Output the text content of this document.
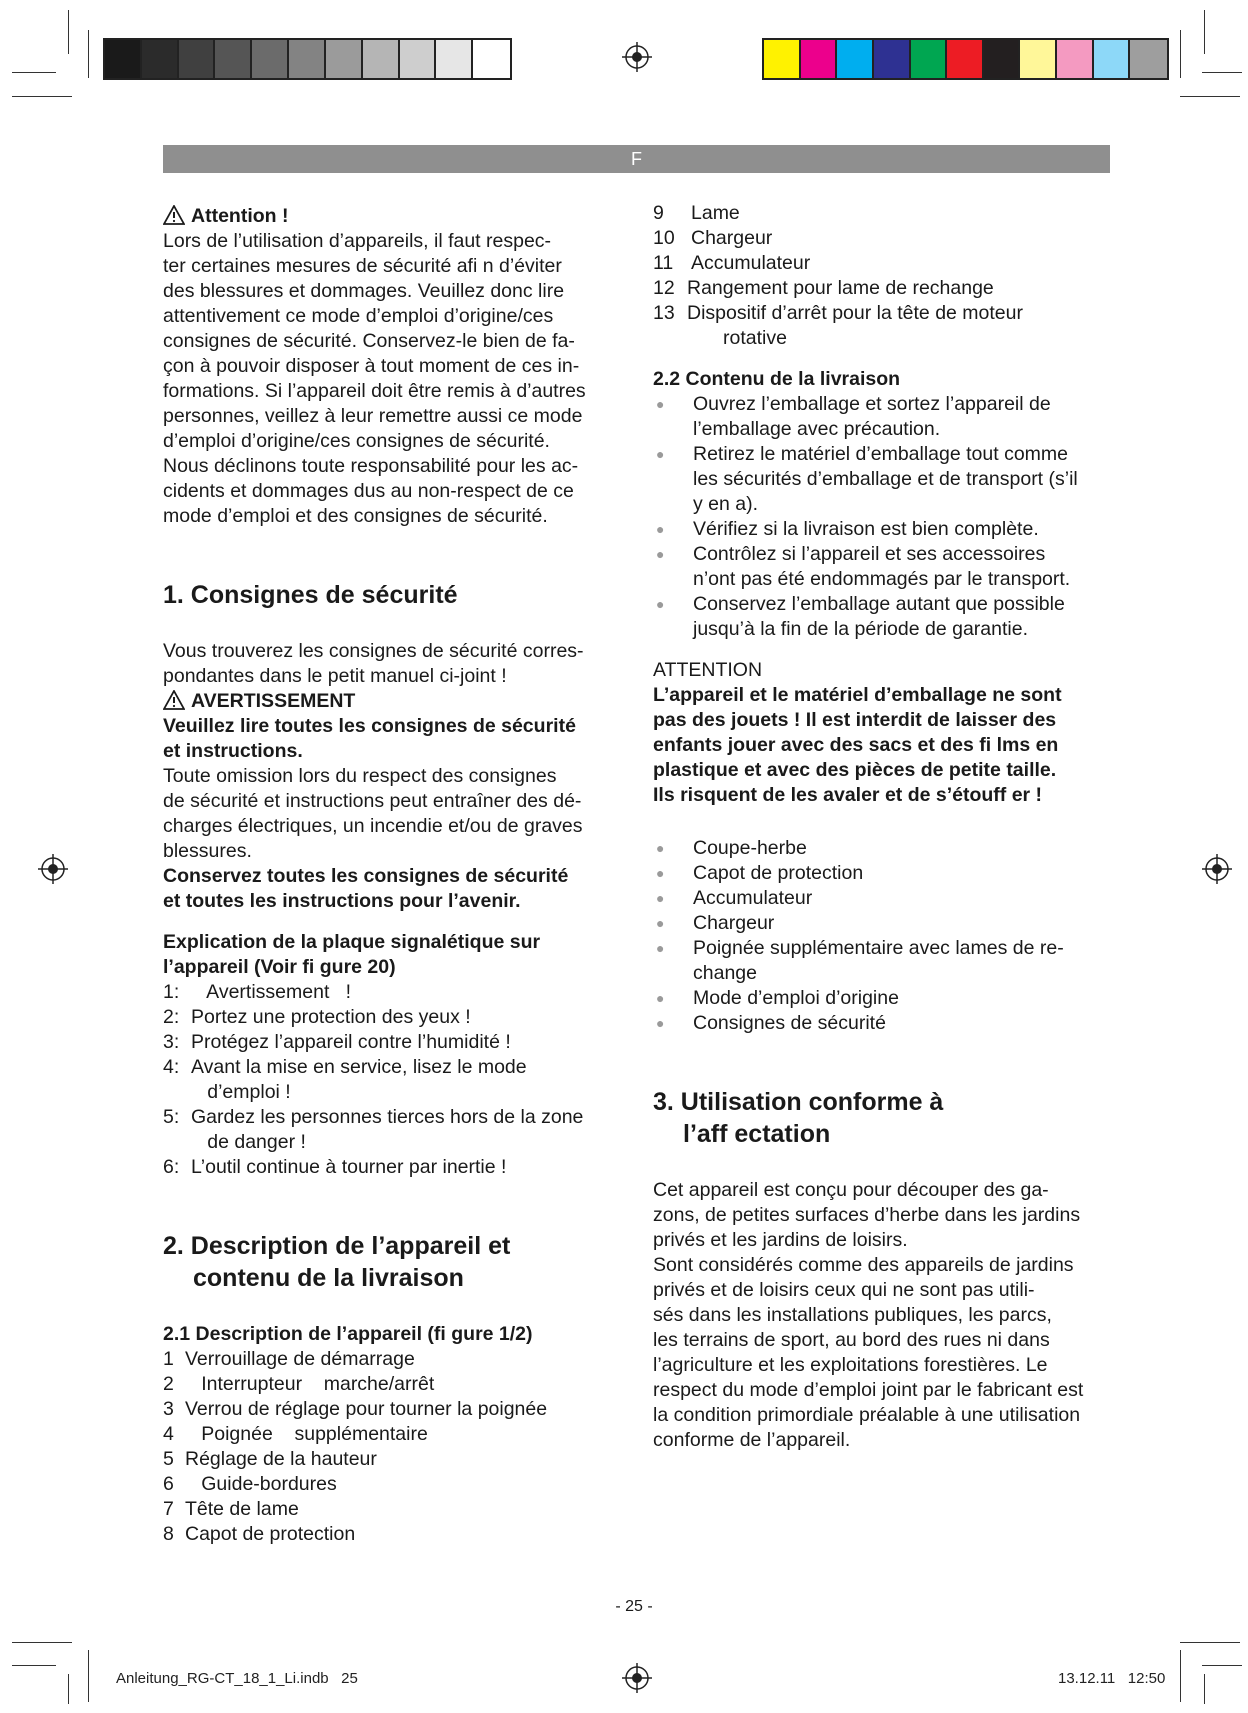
F

Attention !

Lors de l’utilisation d’appareils, il faut respec-

ter certaines mesures de sécurité afi n d’éviter

des blessures et dommages. Veuillez donc lire

attentivement ce mode d’emploi d’origine/ces

consignes de sécurité. Conservez-le bien de fa-

çon à pouvoir disposer à tout moment de ces in-

formations. Si l’appareil doit être remis à d’autres

personnes, veillez à leur remettre aussi ce mode

d’emploi d’origine/ces consignes de sécurité.

Nous déclinons toute responsabilité pour les ac-

cidents et dommages dus au non-respect de ce

mode d’emploi et des consignes de sécurité.

1. Consignes de sécurité

Vous trouverez les consignes de sécurité corres-

pondantes dans le petit manuel ci-joint !

AVERTISSEMENT

Veuillez lire toutes les consignes de sécurité

et instructions.

Toute omission lors du respect des consignes

de sécurité et instructions peut entraîner des dé-

charges électriques, un incendie et/ou de graves

blessures.

Conservez toutes les consignes de sécurité

et toutes les instructions pour l’avenir.

Explication de la plaque signalétique sur

l’appareil (Voir fi gure 20)

1: Avertissement   !
2: Portez une protection des yeux !
3: Protégez l’appareil contre l’humidité !
4: Avant la mise en service, lisez le mode
d’emploi !
5: Gardez les personnes tierces hors de la zone
de danger !
6: L’outil continue à tourner par inertie !
2. Description de l’appareil et
contenu de la livraison

2.1 Description de l’appareil (fi gure 1/2)

1 Verrouillage de démarrage
2 Interrupteur    marche/arrêt
3 Verrou de réglage pour tourner la poignée
4 Poignée    supplémentaire
5 Réglage de la hauteur
6 Guide-bordures
7 Tête de lame
8 Capot de protection
9	Lame
10 Chargeur
11 Accumulateur
12 Rangement pour lame de rechange
13 Dispositif d’arrêt pour la tête de moteur
rotative

2.2 Contenu de la livraison

●	Ouvrez l’emballage et sortez l’appareil de
l’emballage avec précaution.
●	Retirez le matériel d’emballage tout comme
les sécurités d’emballage et de transport (s’il
y en a).
●	Vérifiez si la livraison est bien complète.
●	Contrôlez si l’appareil et ses accessoires
n’ont pas été endommagés par le transport.
●	Conservez l’emballage autant que possible
jusqu’à la fin de la période de garantie.

ATTENTION

L’appareil et le matériel d’emballage ne sont

pas des jouets ! Il est interdit de laisser des

enfants jouer avec des sacs et des fi lms en

plastique et avec des pièces de petite taille.

Ils risquent de les avaler et de s’étouff er !

●	Coupe-herbe
●	Capot de protection
●	Accumulateur
●	Chargeur
●	Poignée supplémentaire avec lames de re-
change
●	Mode d’emploi d’origine
●	Consignes de sécurité
3. Utilisation conforme à
l’aff ectation

Cet appareil est conçu pour découper des ga-

zons, de petites surfaces d’herbe dans les jardins

privés et les jardins de loisirs.

Sont considérés comme des appareils de jardins

privés et de loisirs ceux qui ne sont pas utili-

sés dans les installations publiques, les parcs,

les terrains de sport, au bord des rues ni dans

l’agriculture et les exploitations forestières. Le

respect du mode d’emploi joint par le fabricant est

la condition primordiale préalable à une utilisation

conforme de l’appareil.

- 25 -
Anleitung_RG-CT_18_1_Li.indb   25	13.12.11   12:50
